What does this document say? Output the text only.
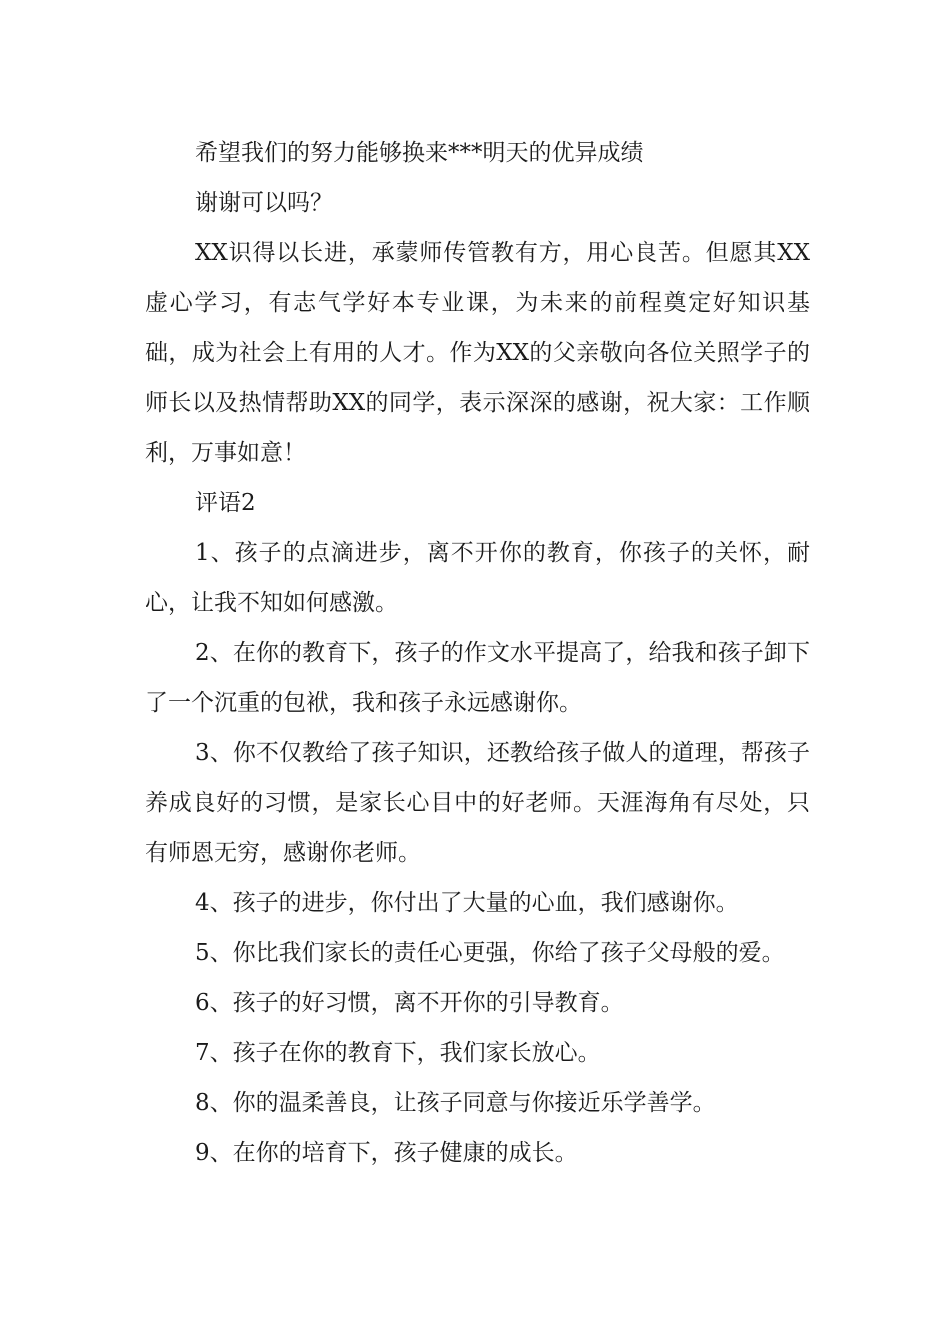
希望我们的努力能够换来***明天的优异成绩

谢谢可以吗？

XX识得以长进，承蒙师传管教有方，用心良苦。但愿其XX虚心学习，有志气学好本专业课，为未来的前程奠定好知识基础，成为社会上有用的人才。作为XX的父亲敬向各位关照学子的师长以及热情帮助XX的同学，表示深深的感谢，祝大家：工作顺利，万事如意！

评语2

1、孩子的点滴进步，离不开你的教育，你孩子的关怀，耐心，让我不知如何感激。

2、在你的教育下，孩子的作文水平提高了，给我和孩子卸下了一个沉重的包袱，我和孩子永远感谢你。

3、你不仅教给了孩子知识，还教给孩子做人的道理，帮孩子养成良好的习惯，是家长心目中的好老师。天涯海角有尽处，只有师恩无穷，感谢你老师。

4、孩子的进步，你付出了大量的心血，我们感谢你。

5、你比我们家长的责任心更强，你给了孩子父母般的爱。

6、孩子的好习惯，离不开你的引导教育。

7、孩子在你的教育下，我们家长放心。

8、你的温柔善良，让孩子同意与你接近乐学善学。

9、在你的培育下，孩子健康的成长。
